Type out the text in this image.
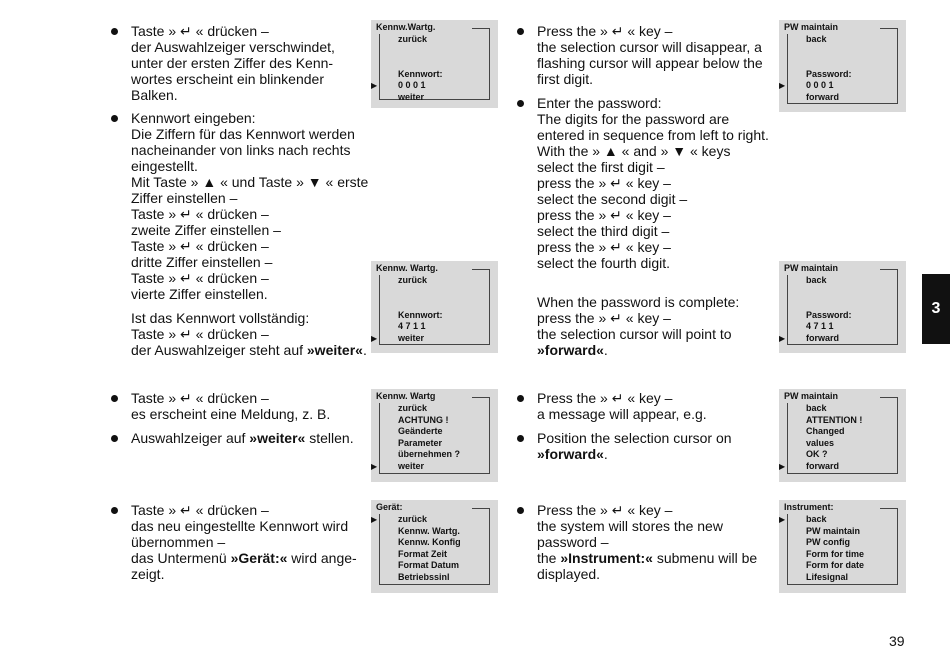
Taste » ↵ « drücken –
der Auswahlzeiger verschwindet,
unter der ersten Ziffer des Kenn-
wortes erscheint ein blinkender
Balken.
Kennwort eingeben:
Die Ziffern für das Kennwort werden
nacheinander von links nach rechts
eingestellt.
Mit Taste » ▲ « und Taste » ▼ « erste
Ziffer einstellen –
Taste » ↵ « drücken –
zweite Ziffer einstellen –
Taste » ↵ « drücken –
dritte Ziffer einstellen –
Taste » ↵ « drücken –
vierte Ziffer einstellen.
Ist das Kennwort vollständig:
Taste » ↵ « drücken –
der Auswahlzeiger steht auf »weiter«.
Taste » ↵ « drücken –
es erscheint eine Meldung, z. B.
Auswahlzeiger auf »weiter« stellen.
Taste » ↵ « drücken –
das neu eingestellte Kennwort wird
übernommen –
das Untermenü »Gerät:« wird ange-
zeigt.
Press the » ↵ « key –
the selection cursor will disappear, a
flashing cursor will appear below the
first digit.
Enter the password:
The digits for the password are
entered in sequence from left to right.
With the » ▲ « and » ▼ « keys
select the first digit –
press the » ↵ « key –
select the second digit –
press the » ↵ « key –
select the third digit –
press the » ↵ « key –
select the fourth digit.
When the password is complete:
press the » ↵ « key –
the selection cursor will point to
»forward«.
Press the » ↵ « key –
a message will appear, e.g.
Position the selection cursor on
»forward«.
Press the » ↵ « key –
the system will stores the new
password –
the »Instrument:« submenu will be
displayed.
Kennw.Wartg.
zurück
Kennwort:
0 0 0 1
▶
weiter
Kennw. Wartg.
zurück
Kennwort:
4 7 1 1
weiter
▶
Kennw. Wartg
zurück
ACHTUNG !
Geänderte
Parameter
übernehmen ?
weiter
▶
Gerät:
zurück
▶
Kennw. Wartg.
Kennw. Konfig
Format Zeit
Format Datum
Betriebssinl
PW maintain
back
Password:
0 0 0 1
▶
forward
PW maintain
back
Password:
4 7 1 1
forward
▶
PW maintain
back
ATTENTION !
Changed
values
OK ?
forward
▶
Instrument:
back
▶
PW maintain
PW config
Form for time
Form for date
Lifesignal
3
39
